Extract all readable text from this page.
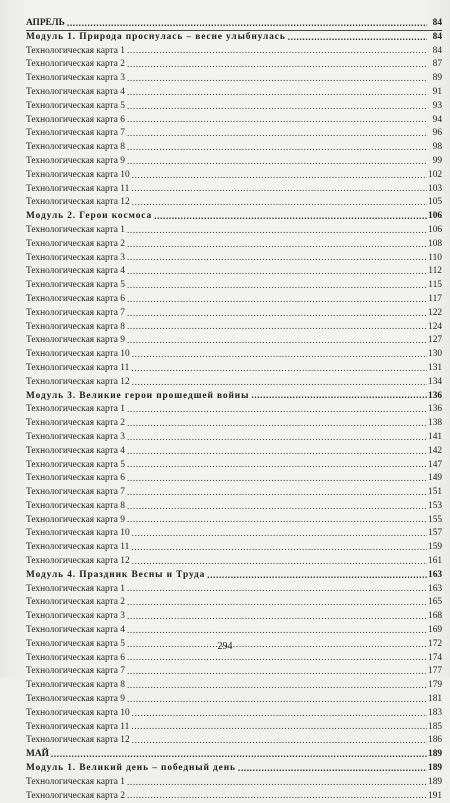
АПРЕЛЬ .....	84
Модуль 1. Природа проснулась – весне улыбнулась .....	84
Технологическая карта 1 .....	84
Технологическая карта 2 .....	87
Технологическая карта 3 .....	89
Технологическая карта 4 .....	91
Технологическая карта 5 .....	93
Технологическая карта 6 .....	94
Технологическая карта 7 .....	96
Технологическая карта 8 .....	98
Технологическая карта 9 .....	99
Технологическая карта 10 .....	102
Технологическая карта 11 .....	103
Технологическая карта 12 .....	105
Модуль 2. Герои космоса .....	106
Технологическая карта 1 .....	106
Технологическая карта 2 .....	108
Технологическая карта 3 .....	110
Технологическая карта 4 .....	112
Технологическая карта 5 .....	115
Технологическая карта 6 .....	117
Технологическая карта 7 .....	122
Технологическая карта 8 .....	124
Технологическая карта 9 .....	127
Технологическая карта 10 .....	130
Технологическая карта 11 .....	131
Технологическая карта 12 .....	134
Модуль 3. Великие герои прошедшей войны .....	136
Технологическая карта 1 .....	136
Технологическая карта 2 .....	138
Технологическая карта 3 .....	141
Технологическая карта 4 .....	142
Технологическая карта 5 .....	147
Технологическая карта 6 .....	149
Технологическая карта 7 .....	151
Технологическая карта 8 .....	153
Технологическая карта 9 .....	155
Технологическая карта 10 .....	157
Технологическая карта 11 .....	159
Технологическая карта 12 .....	161
Модуль 4. Праздник Весны и Труда .....	163
Технологическая карта 1 .....	163
Технологическая карта 2 .....	165
Технологическая карта 3 .....	168
Технологическая карта 4 .....	169
Технологическая карта 5 .....	172
Технологическая карта 6 .....	174
Технологическая карта 7 .....	177
Технологическая карта 8 .....	179
Технологическая карта 9 .....	181
Технологическая карта 10 .....	183
Технологическая карта 11 .....	185
Технологическая карта 12 .....	186
МАЙ .....	189
Модуль 1. Великий день – победный день .....	189
Технологическая карта 1 .....	189
Технологическая карта 2 .....	191
294
